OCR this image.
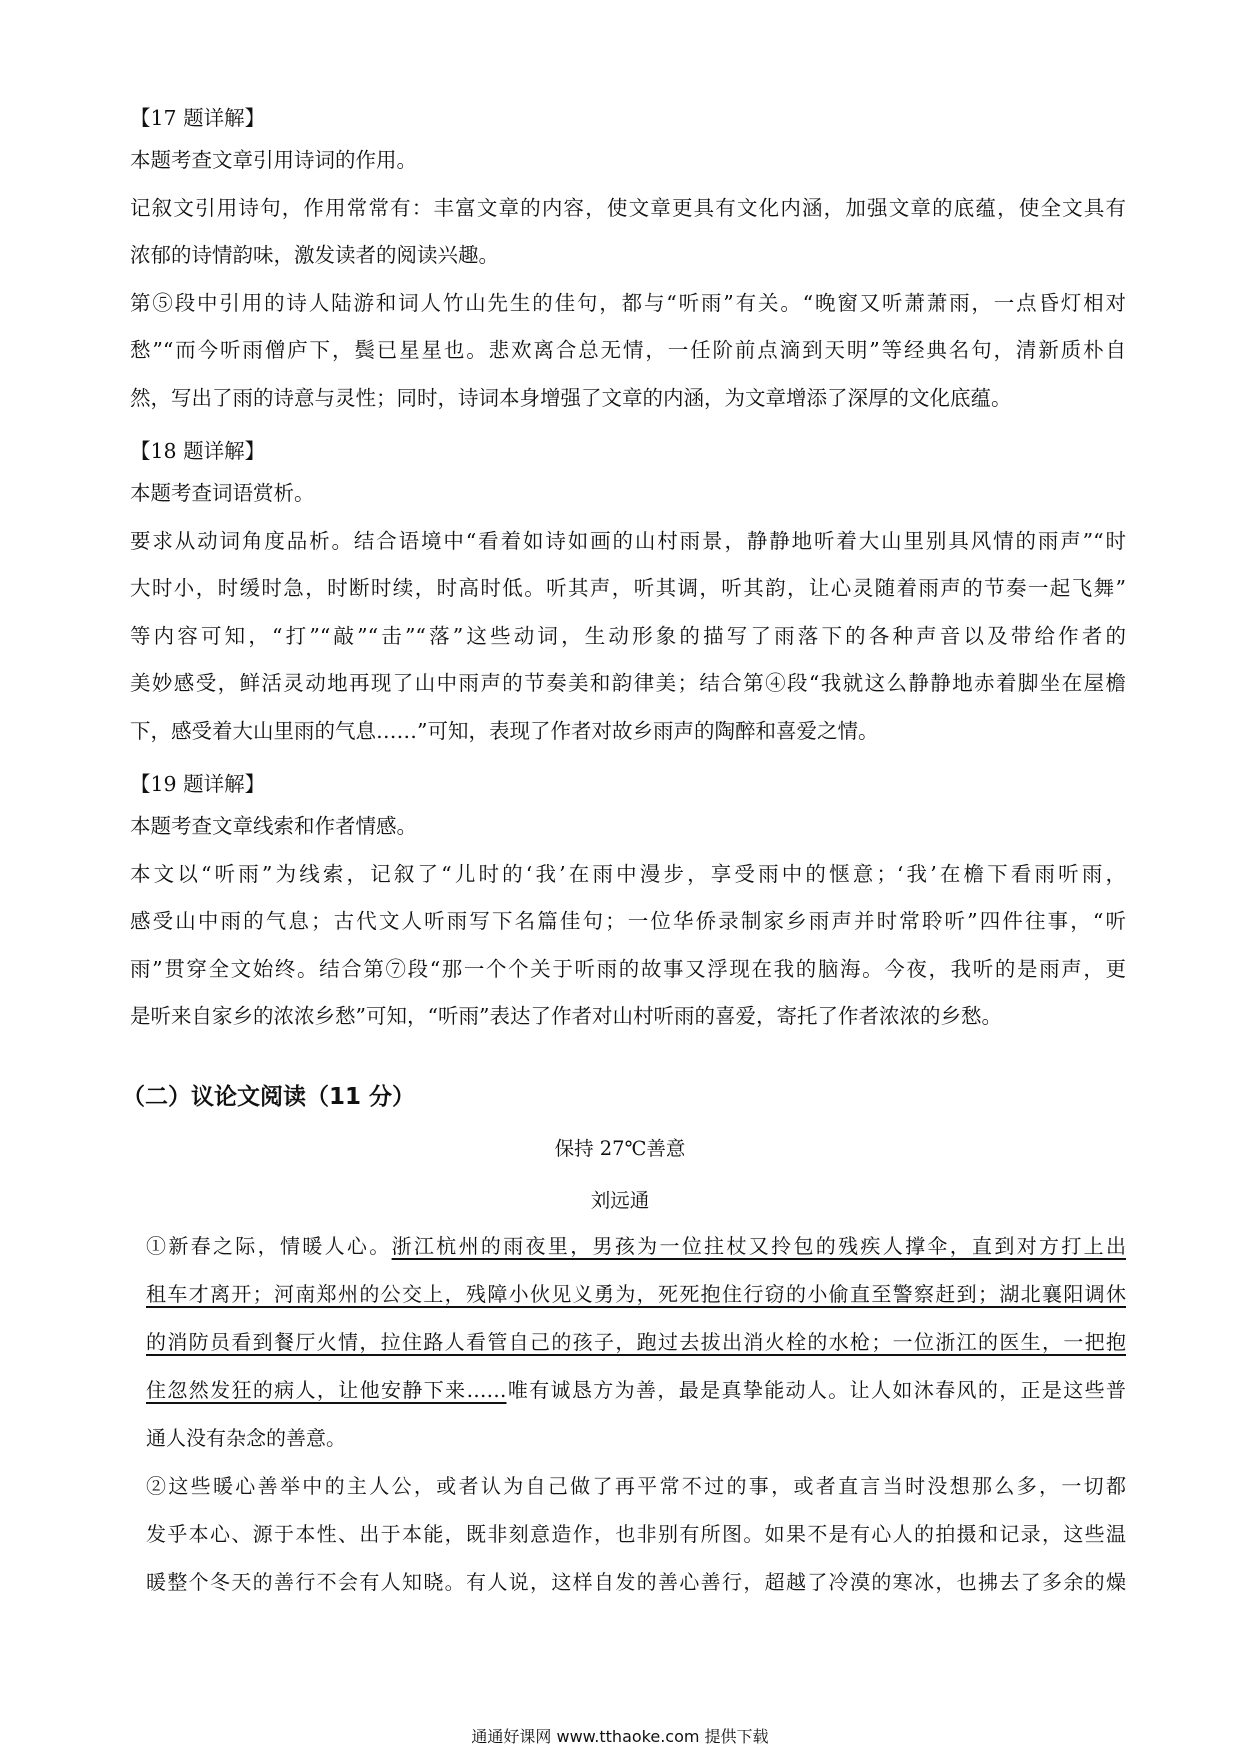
【17 题详解】

本题考查文章引用诗词的作用。
记叙文引用诗句，作用常常有：丰富文章的内容，使文章更具有文化内涵，加强文章的底蕴，使全文具有
浓郁的诗情韵味，激发读者的阅读兴趣。
第⑤段中引用的诗人陆游和词人竹山先生的佳句，都与“听雨”有关。“晚窗又听萧萧雨，一点昏灯相对
愁”“而今听雨僧庐下，鬓已星星也。悲欢离合总无情，一任阶前点滴到天明”等经典名句，清新质朴自
然，写出了雨的诗意与灵性；同时，诗词本身增强了文章的内涵，为文章增添了深厚的文化底蕴。

【18 题详解】

本题考查词语赏析。
要求从动词角度品析。结合语境中“看着如诗如画的山村雨景，静静地听着大山里别具风情的雨声”“时
大时小，时缓时急，时断时续，时高时低。听其声，听其调，听其韵，让心灵随着雨声的节奏一起飞舞”
等内容可知，“打”“敲”“击”“落”这些动词，生动形象的描写了雨落下的各种声音以及带给作者的
美妙感受，鲜活灵动地再现了山中雨声的节奏美和韵律美；结合第④段“我就这么静静地赤着脚坐在屋檐
下，感受着大山里雨的气息……”可知，表现了作者对故乡雨声的陶醉和喜爱之情。

【19 题详解】

本题考查文章线索和作者情感。
本文以“听雨”为线索，记叙了“儿时的‘我’在雨中漫步，享受雨中的惬意；‘我’在檐下看雨听雨，
感受山中雨的气息；古代文人听雨写下名篇佳句；一位华侨录制家乡雨声并时常聆听”四件往事，“听
雨”贯穿全文始终。结合第⑦段“那一个个关于听雨的故事又浮现在我的脑海。今夜，我听的是雨声，更
是听来自家乡的浓浓乡愁”可知，“听雨”表达了作者对山村听雨的喜爱，寄托了作者浓浓的乡愁。

（二）议论文阅读（11 分）

保持 27℃善意

刘远通

①新春之际，情暖人心。浙江杭州的雨夜里，男孩为一位拄杖又拎包的残疾人撑伞，直到对方打上出
租车才离开；河南郑州的公交上，残障小伙见义勇为，死死抱住行窃的小偷直至警察赶到；湖北襄阳调休
的消防员看到餐厅火情，拉住路人看管自己的孩子，跑过去拔出消火栓的水枪；一位浙江的医生，一把抱
住忽然发狂的病人，让他安静下来……唯有诚恳方为善，最是真挚能动人。让人如沐春风的，正是这些普
通人没有杂念的善意。
②这些暖心善举中的主人公，或者认为自己做了再平常不过的事，或者直言当时没想那么多，一切都
发乎本心、源于本性、出于本能，既非刻意造作，也非别有所图。如果不是有心人的拍摄和记录，这些温
暖整个冬天的善行不会有人知晓。有人说，这样自发的善心善行，超越了冷漠的寒冰，也拂去了多余的燥

通通好课网 www.tthaoke.com 提供下载
